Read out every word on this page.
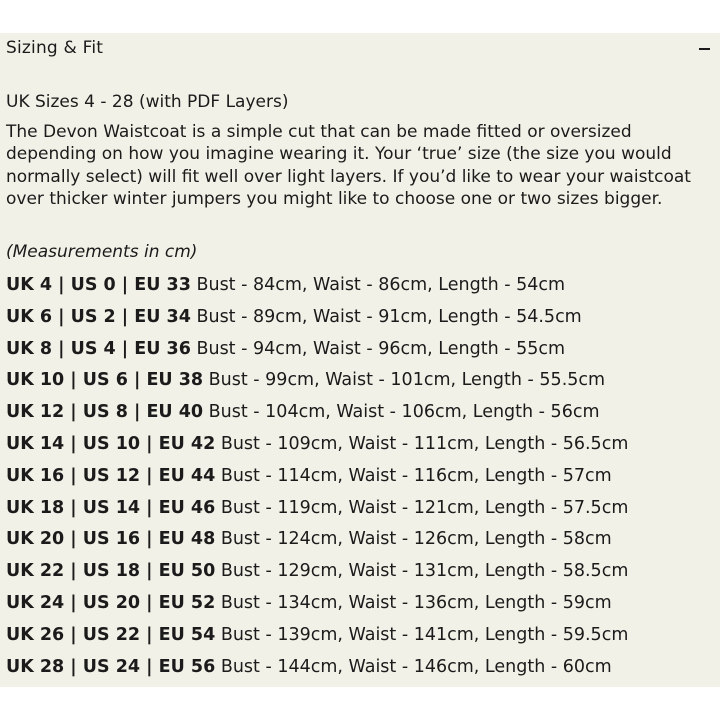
Sizing & Fit
UK Sizes 4 - 28 (with PDF Layers)
The Devon Waistcoat is a simple cut that can be made fitted or oversized depending on how you imagine wearing it. Your ‘true’ size (the size you would normally select) will fit well over light layers. If you’d like to wear your waistcoat over thicker winter jumpers you might like to choose one or two sizes bigger.
(Measurements in cm)
UK 4 | US 0 | EU 33 Bust - 84cm, Waist - 86cm, Length - 54cm
UK 6 | US 2 | EU 34 Bust - 89cm, Waist - 91cm, Length - 54.5cm
UK 8 | US 4 | EU 36 Bust - 94cm, Waist - 96cm, Length - 55cm
UK 10 | US 6 | EU 38 Bust - 99cm, Waist - 101cm, Length - 55.5cm
UK 12 | US 8 | EU 40 Bust - 104cm, Waist - 106cm, Length - 56cm
UK 14 | US 10 | EU 42 Bust - 109cm, Waist - 111cm, Length - 56.5cm
UK 16 | US 12 | EU 44 Bust - 114cm, Waist - 116cm, Length - 57cm
UK 18 | US 14 | EU 46 Bust - 119cm, Waist - 121cm, Length - 57.5cm
UK 20 | US 16 | EU 48 Bust - 124cm, Waist - 126cm, Length - 58cm
UK 22 | US 18 | EU 50 Bust - 129cm, Waist - 131cm, Length - 58.5cm
UK 24 | US 20 | EU 52 Bust - 134cm, Waist - 136cm, Length - 59cm
UK 26 | US 22 | EU 54 Bust - 139cm, Waist - 141cm, Length - 59.5cm
UK 28 | US 24 | EU 56 Bust - 144cm, Waist - 146cm, Length - 60cm
